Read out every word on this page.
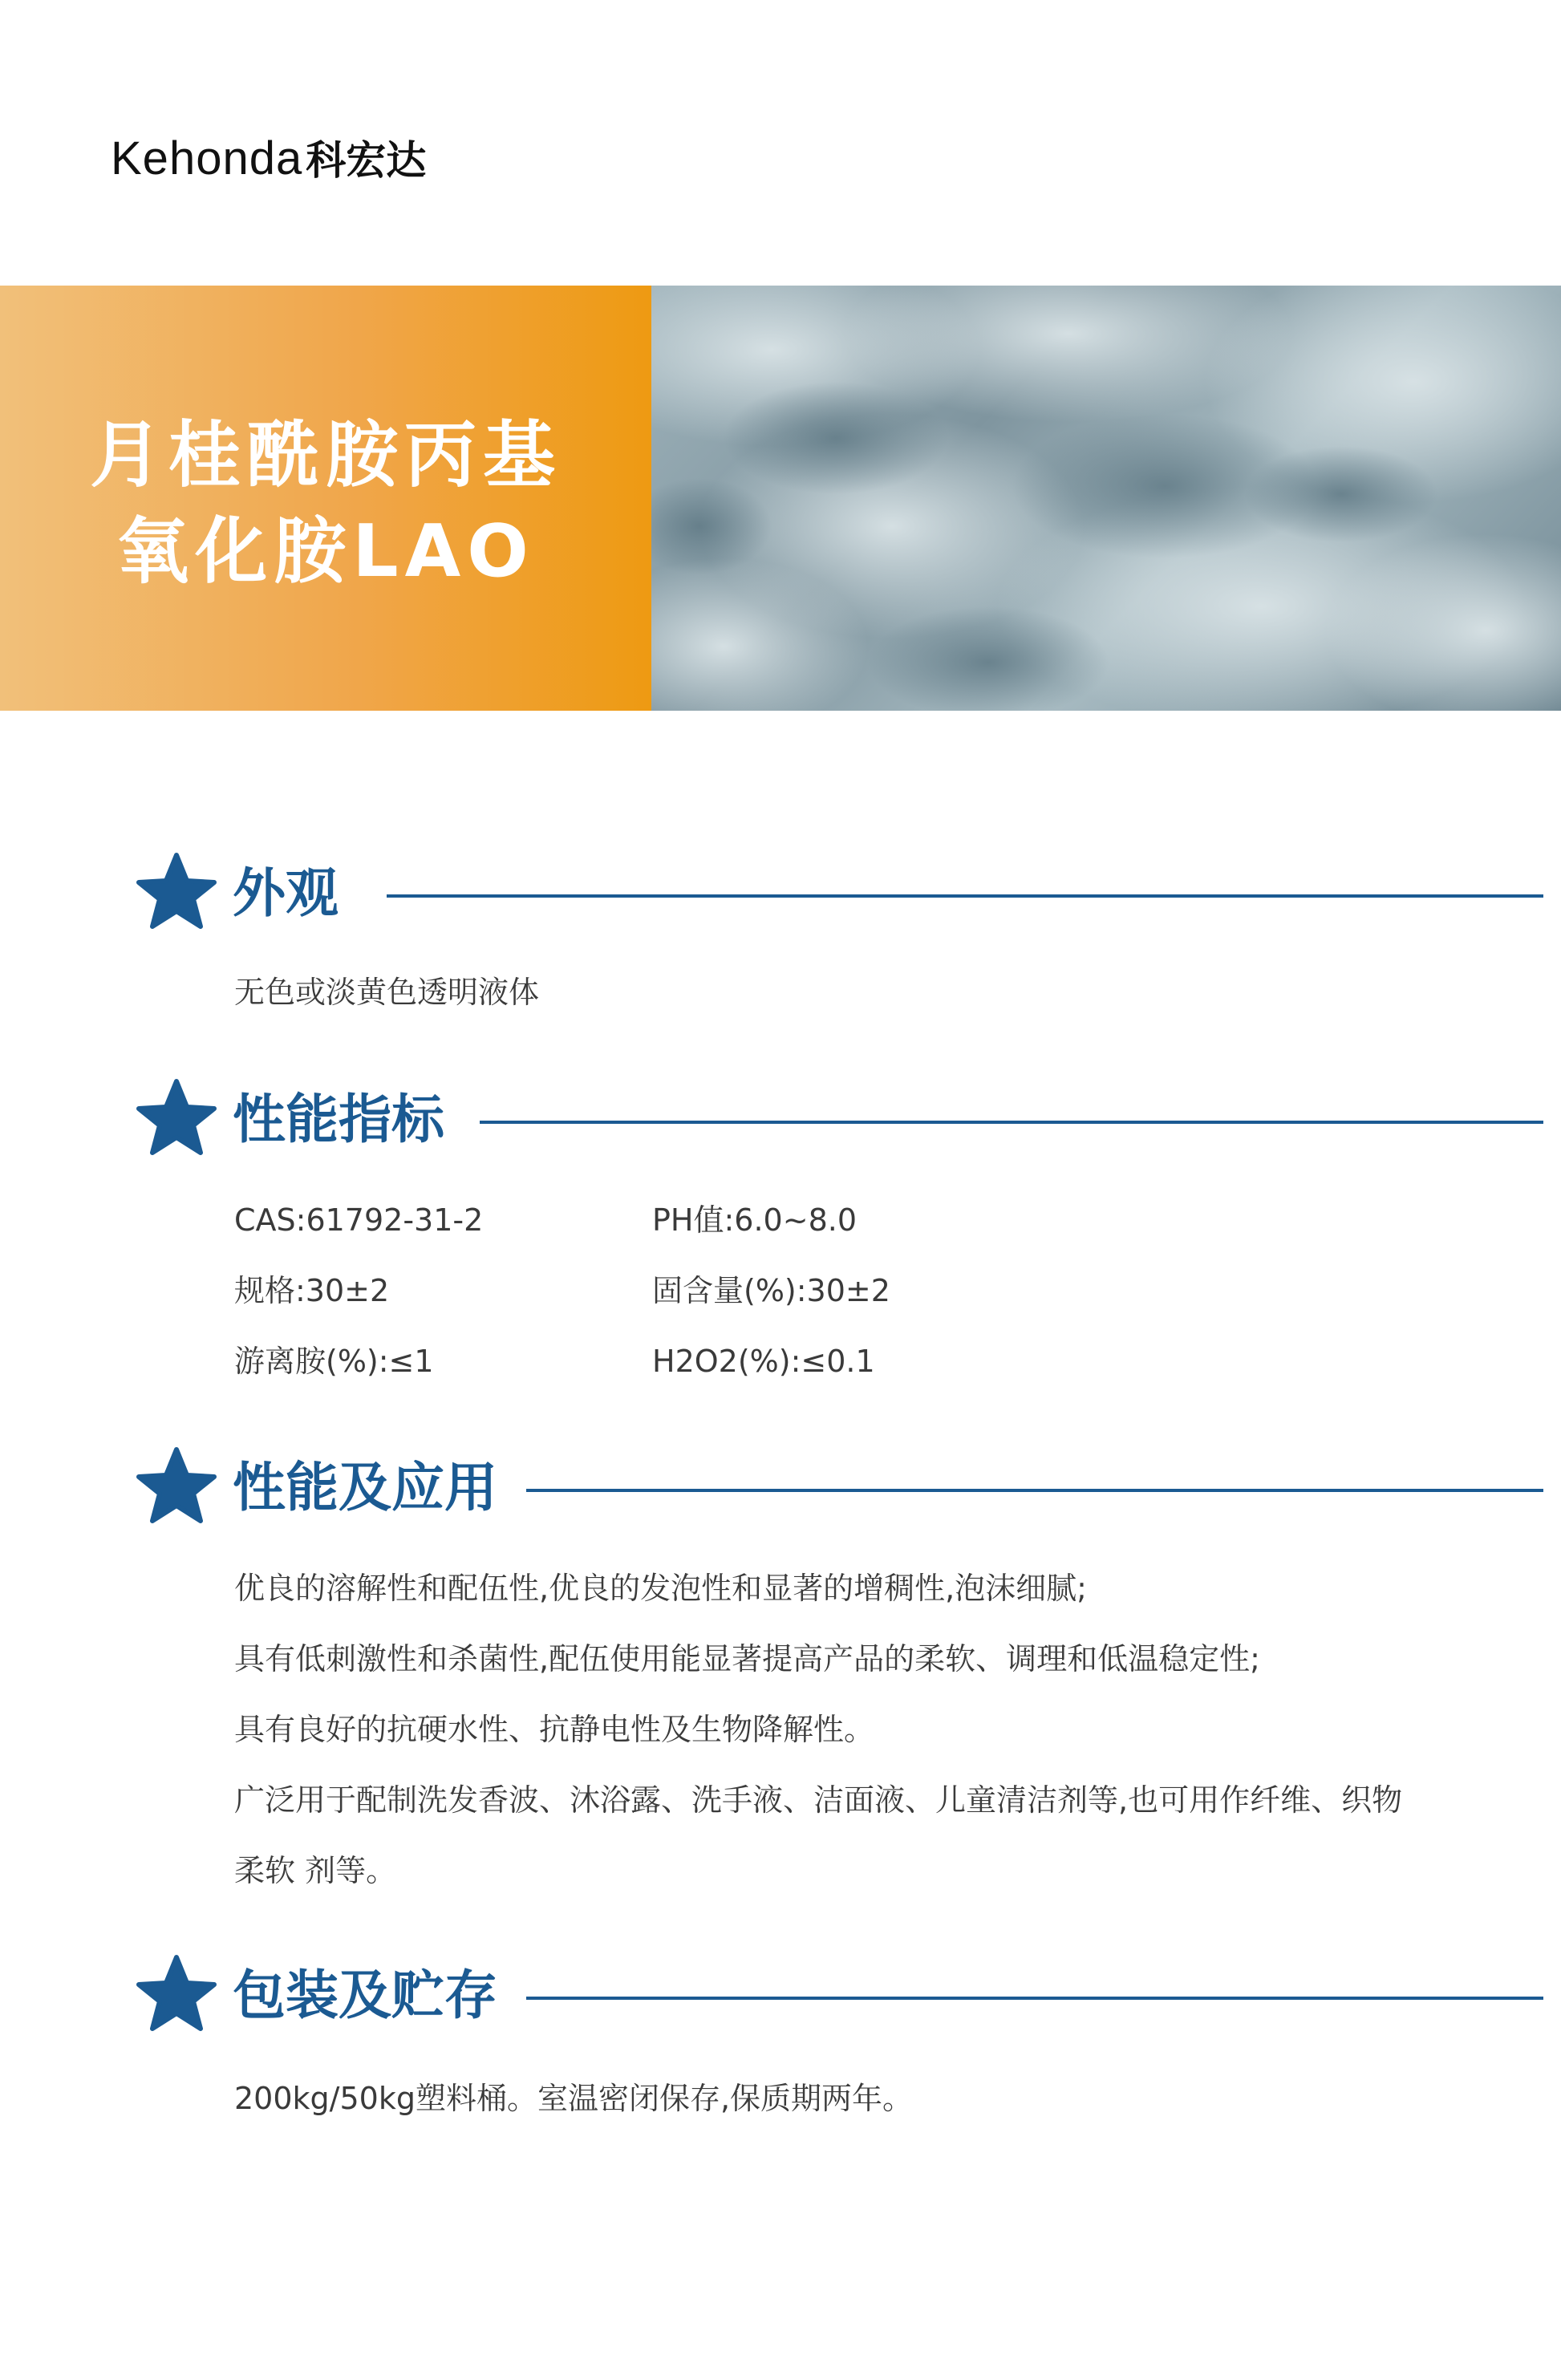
Kehonda 科宏达
月桂酰胺丙基
氧化胺LAO
外观
无色或淡黄色透明液体
性能指标
CAS:61792-31-2	PH值:6.0~8.0
规格:30±2	固含量(%):30±2
游离胺(%):≤1	H2O2(%):≤0.1
性能及应用
优良的溶解性和配伍性,优良的发泡性和显著的增稠性,泡沫细腻;
具有低刺激性和杀菌性,配伍使用能显著提高产品的柔软、调理和低温稳定性;
具有良好的抗硬水性、抗静电性及生物降解性。
广泛用于配制洗发香波、沐浴露、洗手液、洁面液、儿童清洁剂等,也可用作纤维、织物
柔软 剂等。
包装及贮存
200kg/50kg塑料桶。室温密闭保存,保质期两年。
